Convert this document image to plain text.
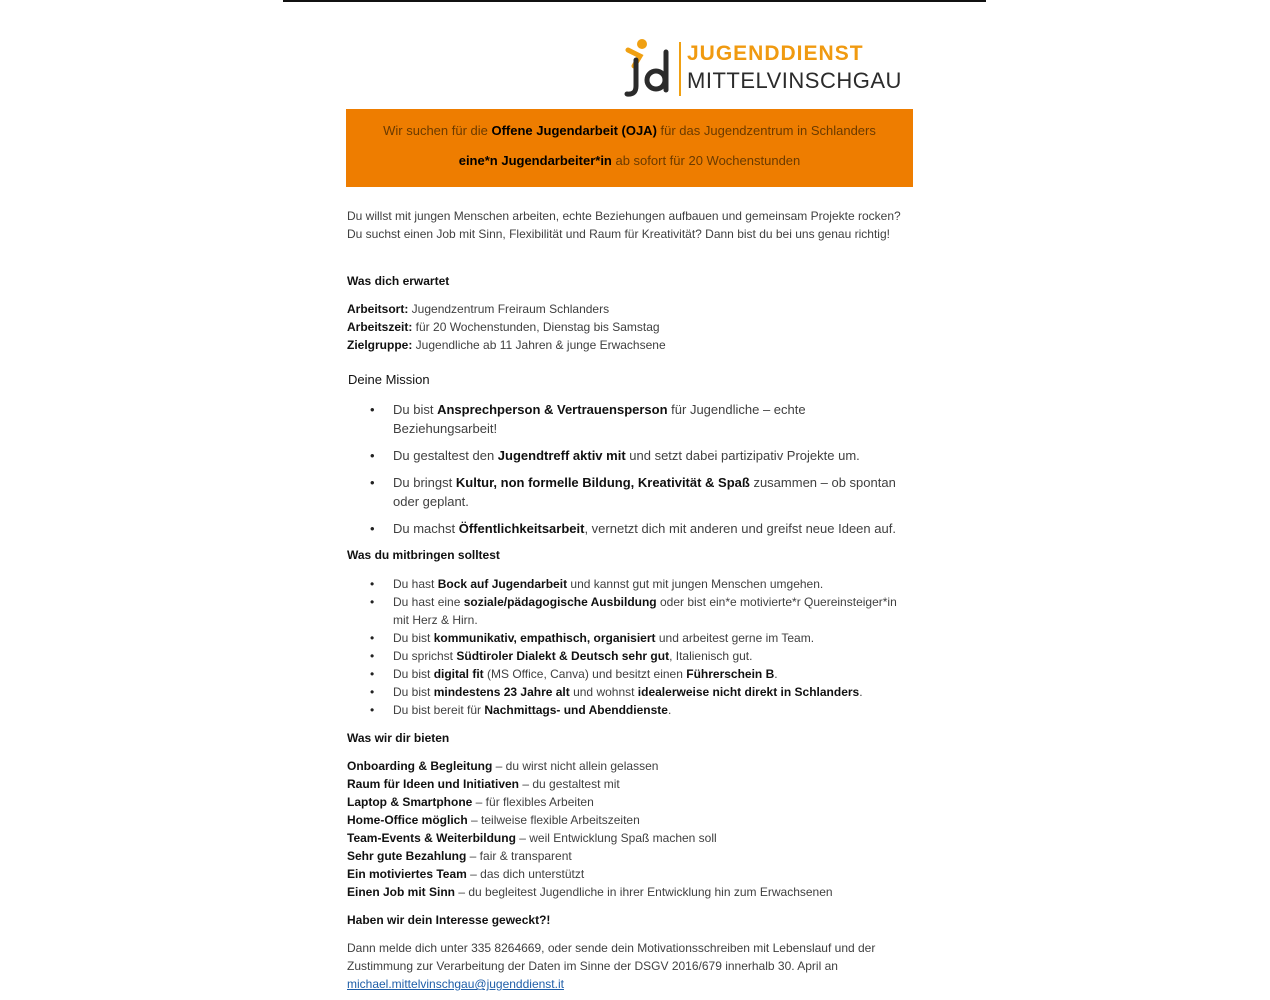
JUGENDDIENST
MITTELVINSCHGAU
Wir suchen für die Offene Jugendarbeit (OJA) für das Jugendzentrum in Schlanders
eine*n Jugendarbeiter*in ab sofort für 20 Wochenstunden
Du willst mit jungen Menschen arbeiten, echte Beziehungen aufbauen und gemeinsam Projekte rocken? Du suchst einen Job mit Sinn, Flexibilität und Raum für Kreativität? Dann bist du bei uns genau richtig!
Was dich erwartet
Arbeitsort: Jugendzentrum Freiraum Schlanders
Arbeitszeit: für 20 Wochenstunden, Dienstag bis Samstag
Zielgruppe: Jugendliche ab 11 Jahren & junge Erwachsene
Deine Mission
• Du bist Ansprechperson & Vertrauensperson für Jugendliche – echte Beziehungsarbeit!
• Du gestaltest den Jugendtreff aktiv mit und setzt dabei partizipativ Projekte um.
• Du bringst Kultur, non formelle Bildung, Kreativität & Spaß zusammen – ob spontan oder geplant.
• Du machst Öffentlichkeitsarbeit, vernetzt dich mit anderen und greifst neue Ideen auf.
Was du mitbringen solltest
• Du hast Bock auf Jugendarbeit und kannst gut mit jungen Menschen umgehen.
• Du hast eine soziale/pädagogische Ausbildung oder bist ein*e motivierte*r Quereinsteiger*in mit Herz & Hirn.
• Du bist kommunikativ, empathisch, organisiert und arbeitest gerne im Team.
• Du sprichst Südtiroler Dialekt & Deutsch sehr gut, Italienisch gut.
• Du bist digital fit (MS Office, Canva) und besitzt einen Führerschein B.
• Du bist mindestens 23 Jahre alt und wohnst idealerweise nicht direkt in Schlanders.
• Du bist bereit für Nachmittags- und Abenddienste.
Was wir dir bieten
Onboarding & Begleitung – du wirst nicht allein gelassen
Raum für Ideen und Initiativen – du gestaltest mit
Laptop & Smartphone – für flexibles Arbeiten
Home-Office möglich – teilweise flexible Arbeitszeiten
Team-Events & Weiterbildung – weil Entwicklung Spaß machen soll
Sehr gute Bezahlung – fair & transparent
Ein motiviertes Team – das dich unterstützt
Einen Job mit Sinn – du begleitest Jugendliche in ihrer Entwicklung hin zum Erwachsenen
Haben wir dein Interesse geweckt?!
Dann melde dich unter 335 8264669, oder sende dein Motivationsschreiben mit Lebenslauf und der
Zustimmung zur Verarbeitung der Daten im Sinne der DSGV 2016/679 innerhalb 30. April an
michael.mittelvinschgau@jugenddienst.it
